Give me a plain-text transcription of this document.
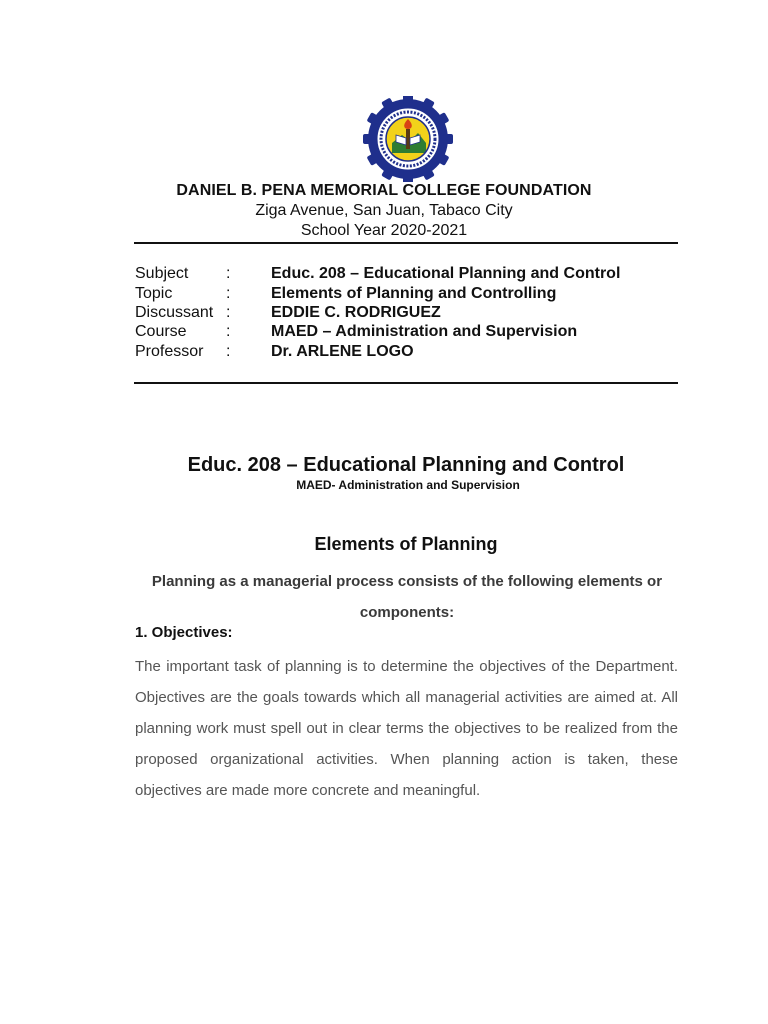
DANIEL B. PENA MEMORIAL COLLEGE FOUNDATION
Ziga Avenue, San Juan, Tabaco City
School Year 2020-2021
Subject :	Educ. 208 – Educational Planning and Control
Topic	:	Elements of Planning and Controlling
Discussant :	EDDIE C. RODRIGUEZ
Course :	MAED – Administration and Supervision
Professor :	Dr. ARLENE LOGO
Educ. 208 – Educational Planning and Control
MAED- Administration and Supervision
Elements of Planning
Planning as a managerial process consists of the following elements or components:
1. Objectives:
The important task of planning is to determine the objectives of the Department. Objectives are the goals towards which all managerial activities are aimed at. All planning work must spell out in clear terms the objectives to be realized from the proposed organizational activities. When planning action is taken, these objectives are made more concrete and meaningful.
